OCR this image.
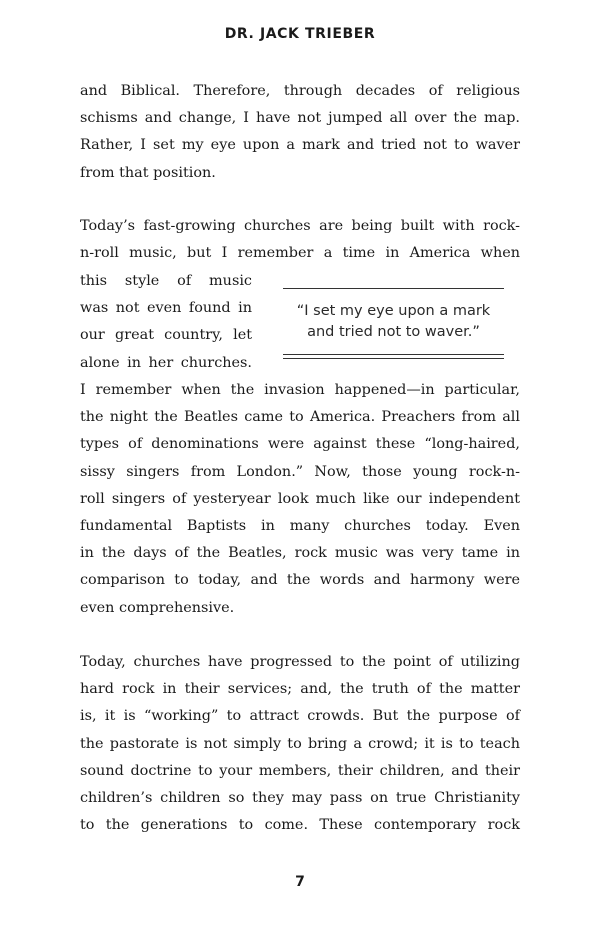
DR. JACK TRIEBER
and Biblical. Therefore, through decades of religious
schisms and change, I have not jumped all over the map.
Rather, I set my eye upon a mark and tried not to waver
from that position.
Today’s fast-growing churches are being built with rock-
n-roll music, but I remember a time in America when
this style of music
was not even found in
our great country, let
alone in her churches.
“I set my eye upon a mark
and tried not to waver.”
I remember when the invasion happened—in particular,
the night the Beatles came to America. Preachers from all
types of denominations were against these “long-haired,
sissy singers from London.” Now, those young rock-n-
roll singers of yesteryear look much like our independent
fundamental Baptists in many churches today. Even
in the days of the Beatles, rock music was very tame in
comparison to today, and the words and harmony were
even comprehensive.
Today, churches have progressed to the point of utilizing
hard rock in their services; and, the truth of the matter
is, it is “working” to attract crowds. But the purpose of
the pastorate is not simply to bring a crowd; it is to teach
sound doctrine to your members, their children, and their
children’s children so they may pass on true Christianity
to the generations to come. These contemporary rock
7
